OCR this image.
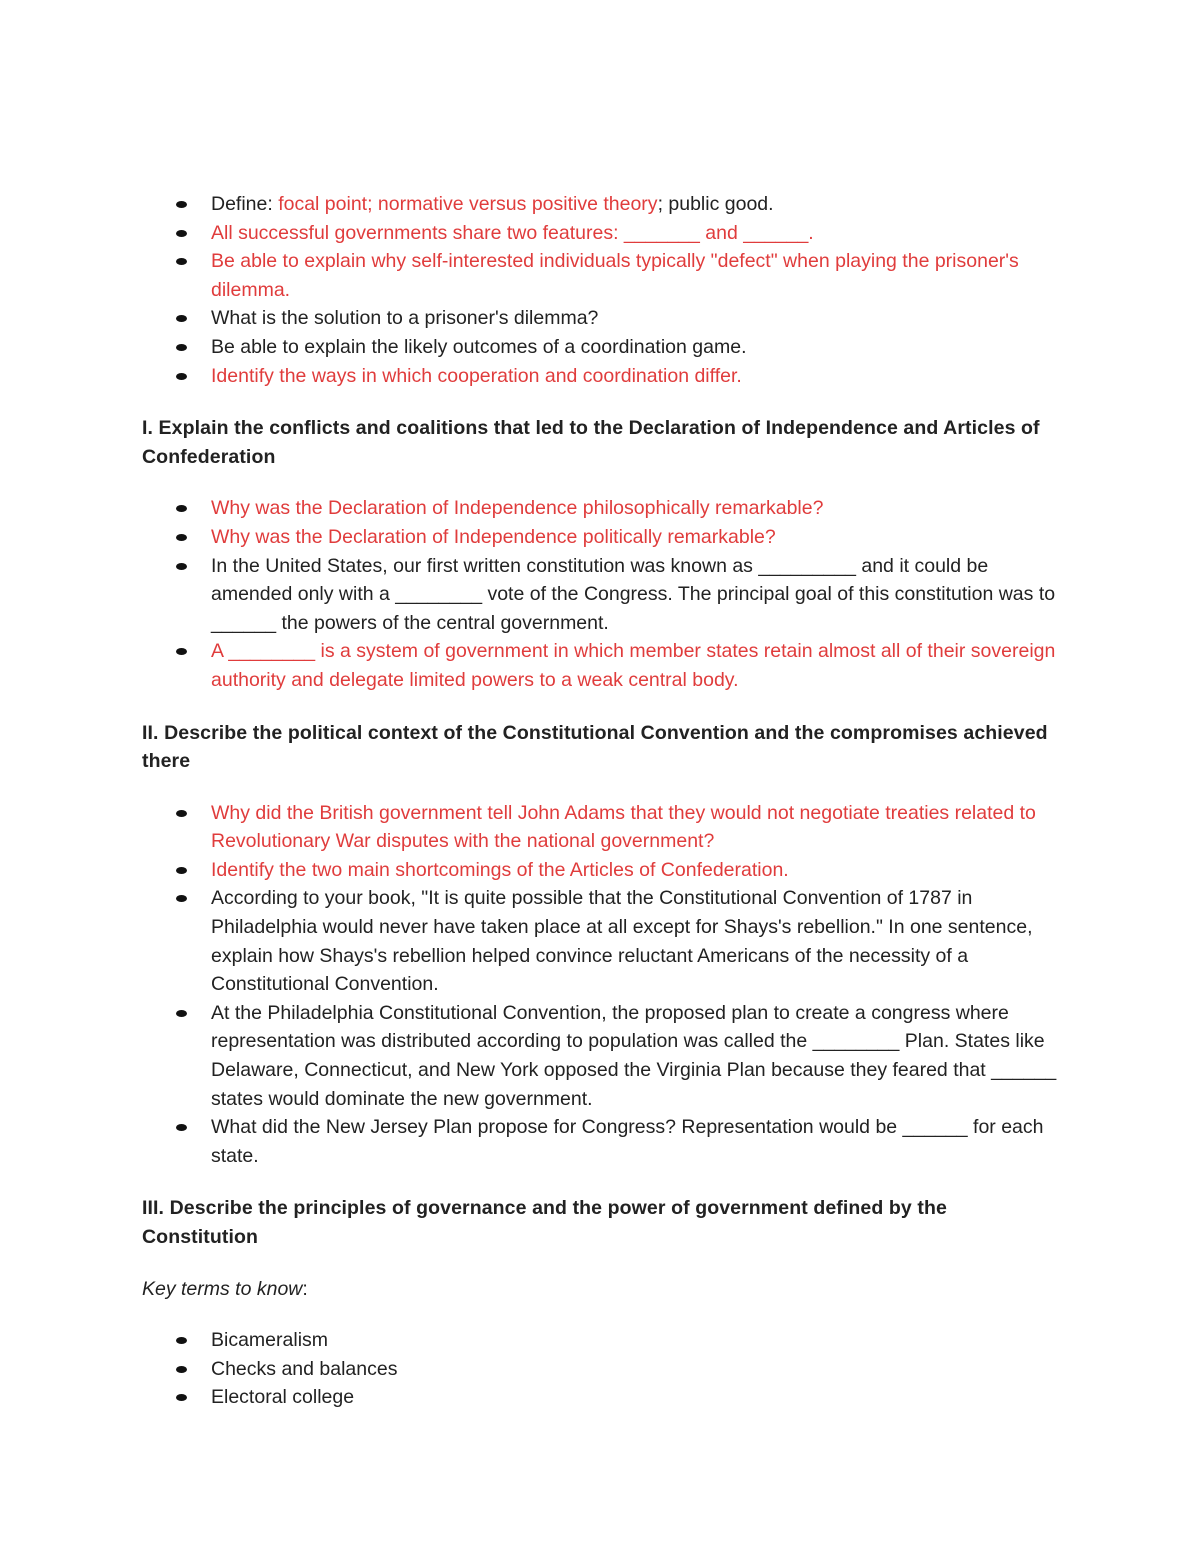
Define: focal point; normative versus positive theory; public good.
All successful governments share two features: _______ and ______.
Be able to explain why self-interested individuals typically "defect" when playing the prisoner's dilemma.
What is the solution to a prisoner's dilemma?
Be able to explain the likely outcomes of a coordination game.
Identify the ways in which cooperation and coordination differ.
I. Explain the conflicts and coalitions that led to the Declaration of Independence and Articles of Confederation
Why was the Declaration of Independence philosophically remarkable?
Why was the Declaration of Independence politically remarkable?
In the United States, our first written constitution was known as _________ and it could be amended only with a ________ vote of the Congress. The principal goal of this constitution was to ______ the powers of the central government.
A ________ is a system of government in which member states retain almost all of their sovereign authority and delegate limited powers to a weak central body.
II. Describe the political context of the Constitutional Convention and the compromises achieved there
Why did the British government tell John Adams that they would not negotiate treaties related to Revolutionary War disputes with the national government?
Identify the two main shortcomings of the Articles of Confederation.
According to your book, "It is quite possible that the Constitutional Convention of 1787 in Philadelphia would never have taken place at all except for Shays's rebellion." In one sentence, explain how Shays's rebellion helped convince reluctant Americans of the necessity of a Constitutional Convention.
At the Philadelphia Constitutional Convention, the proposed plan to create a congress where representation was distributed according to population was called the ________ Plan. States like Delaware, Connecticut, and New York opposed the Virginia Plan because they feared that ______ states would dominate the new government.
What did the New Jersey Plan propose for Congress? Representation would be ______ for each state.
III. Describe the principles of governance and the power of government defined by the Constitution
Key terms to know:
Bicameralism
Checks and balances
Electoral college
